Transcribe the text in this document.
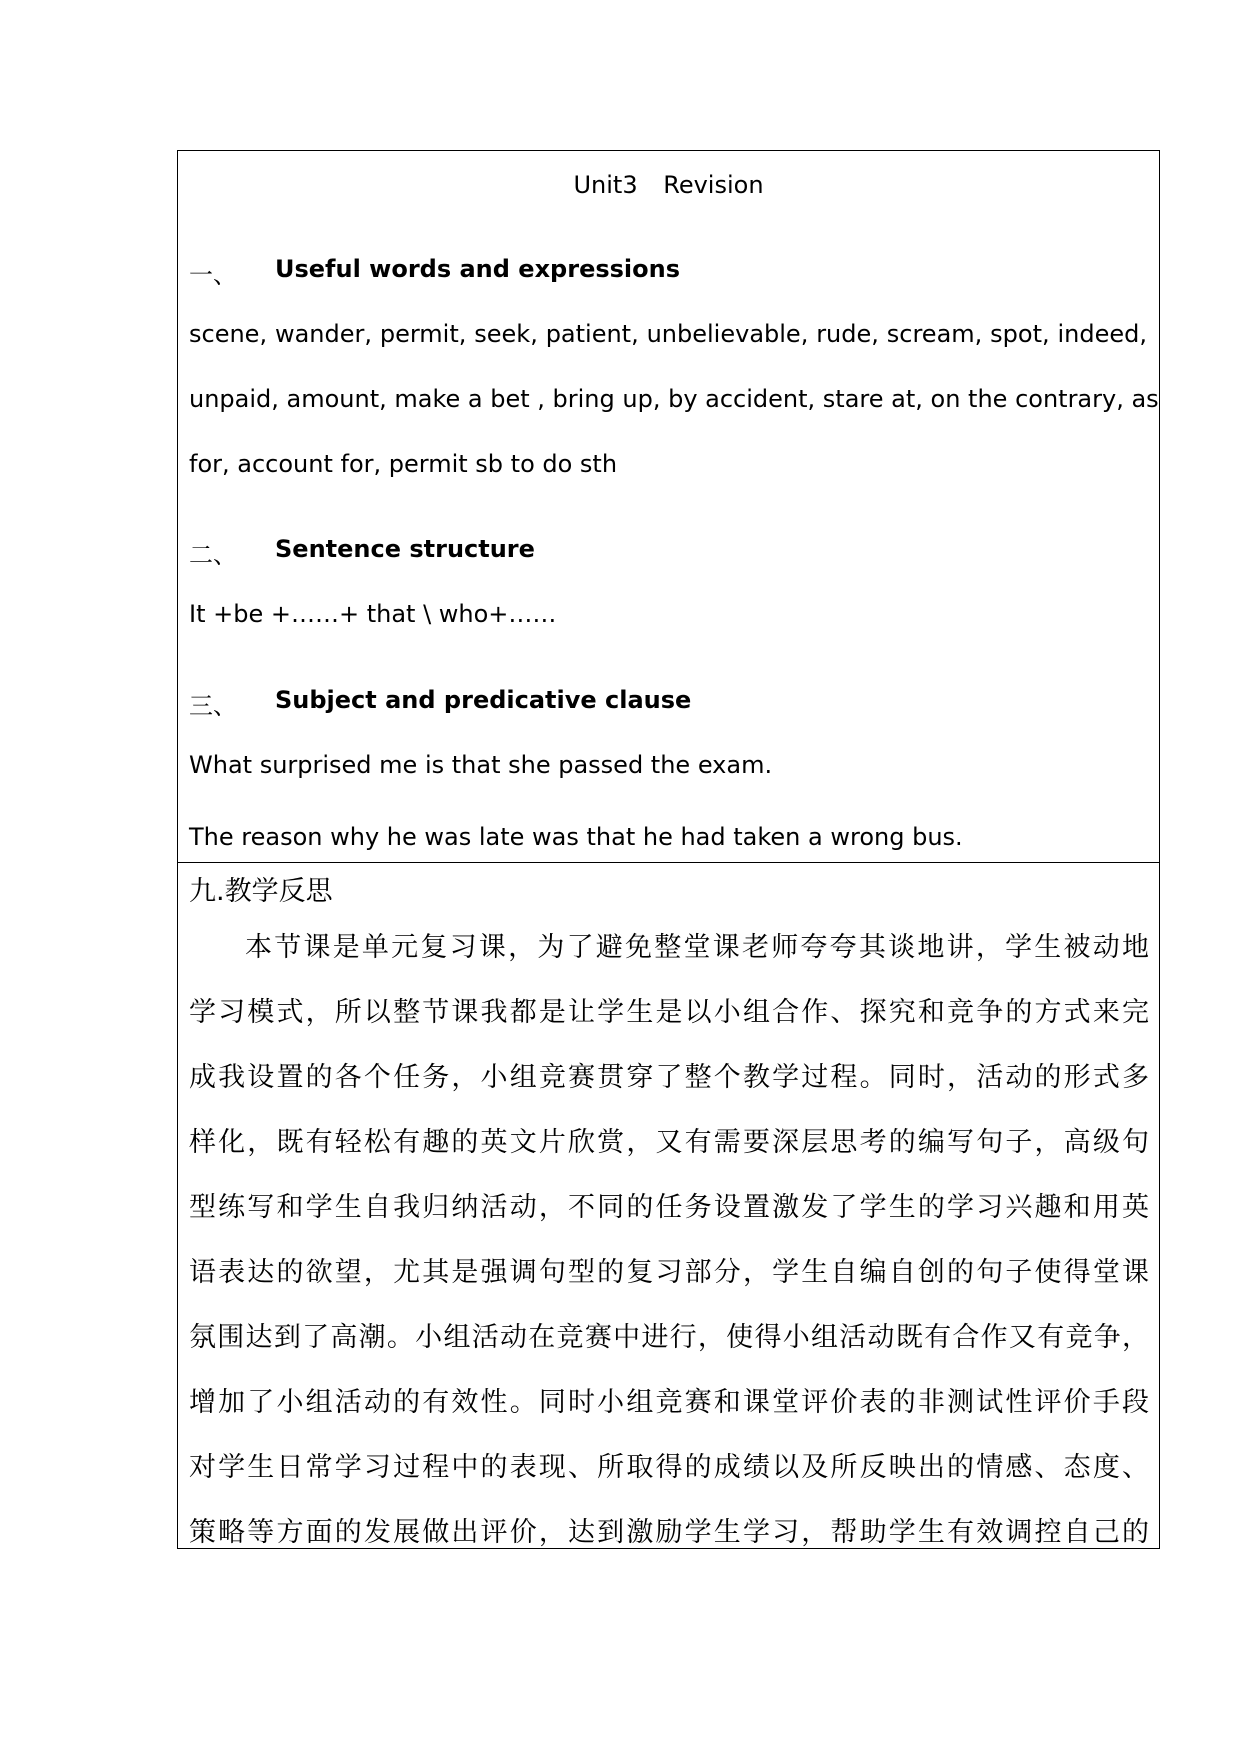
Unit3 Revision
一、 Useful words and expressions
scene, wander, permit, seek, patient, unbelievable, rude, scream, spot, indeed,
unpaid, amount, make a bet , bring up, by accident, stare at, on the contrary, as
for, account for, permit sb to do sth
二、 Sentence structure
It +be +……+ that \ who+……
三、 Subject and predicative clause
What surprised me is that she passed the exam.
The reason why he was late was that he had taken a wrong bus.
九.教学反思
本节课是单元复习课，为了避免整堂课老师夸夸其谈地讲，学生被动地
学习模式，所以整节课我都是让学生是以小组合作、探究和竞争的方式来完
成我设置的各个任务，小组竞赛贯穿了整个教学过程。同时，活动的形式多
样化，既有轻松有趣的英文片欣赏，又有需要深层思考的编写句子，高级句
型练写和学生自我归纳活动，不同的任务设置激发了学生的学习兴趣和用英
语表达的欲望，尤其是强调句型的复习部分，学生自编自创的句子使得堂课
氛围达到了高潮。小组活动在竞赛中进行，使得小组活动既有合作又有竞争，
增加了小组活动的有效性。同时小组竞赛和课堂评价表的非测试性评价手段
对学生日常学习过程中的表现、所取得的成绩以及所反映出的情感、态度、
策略等方面的发展做出评价，达到激励学生学习，帮助学生有效调控自己的
